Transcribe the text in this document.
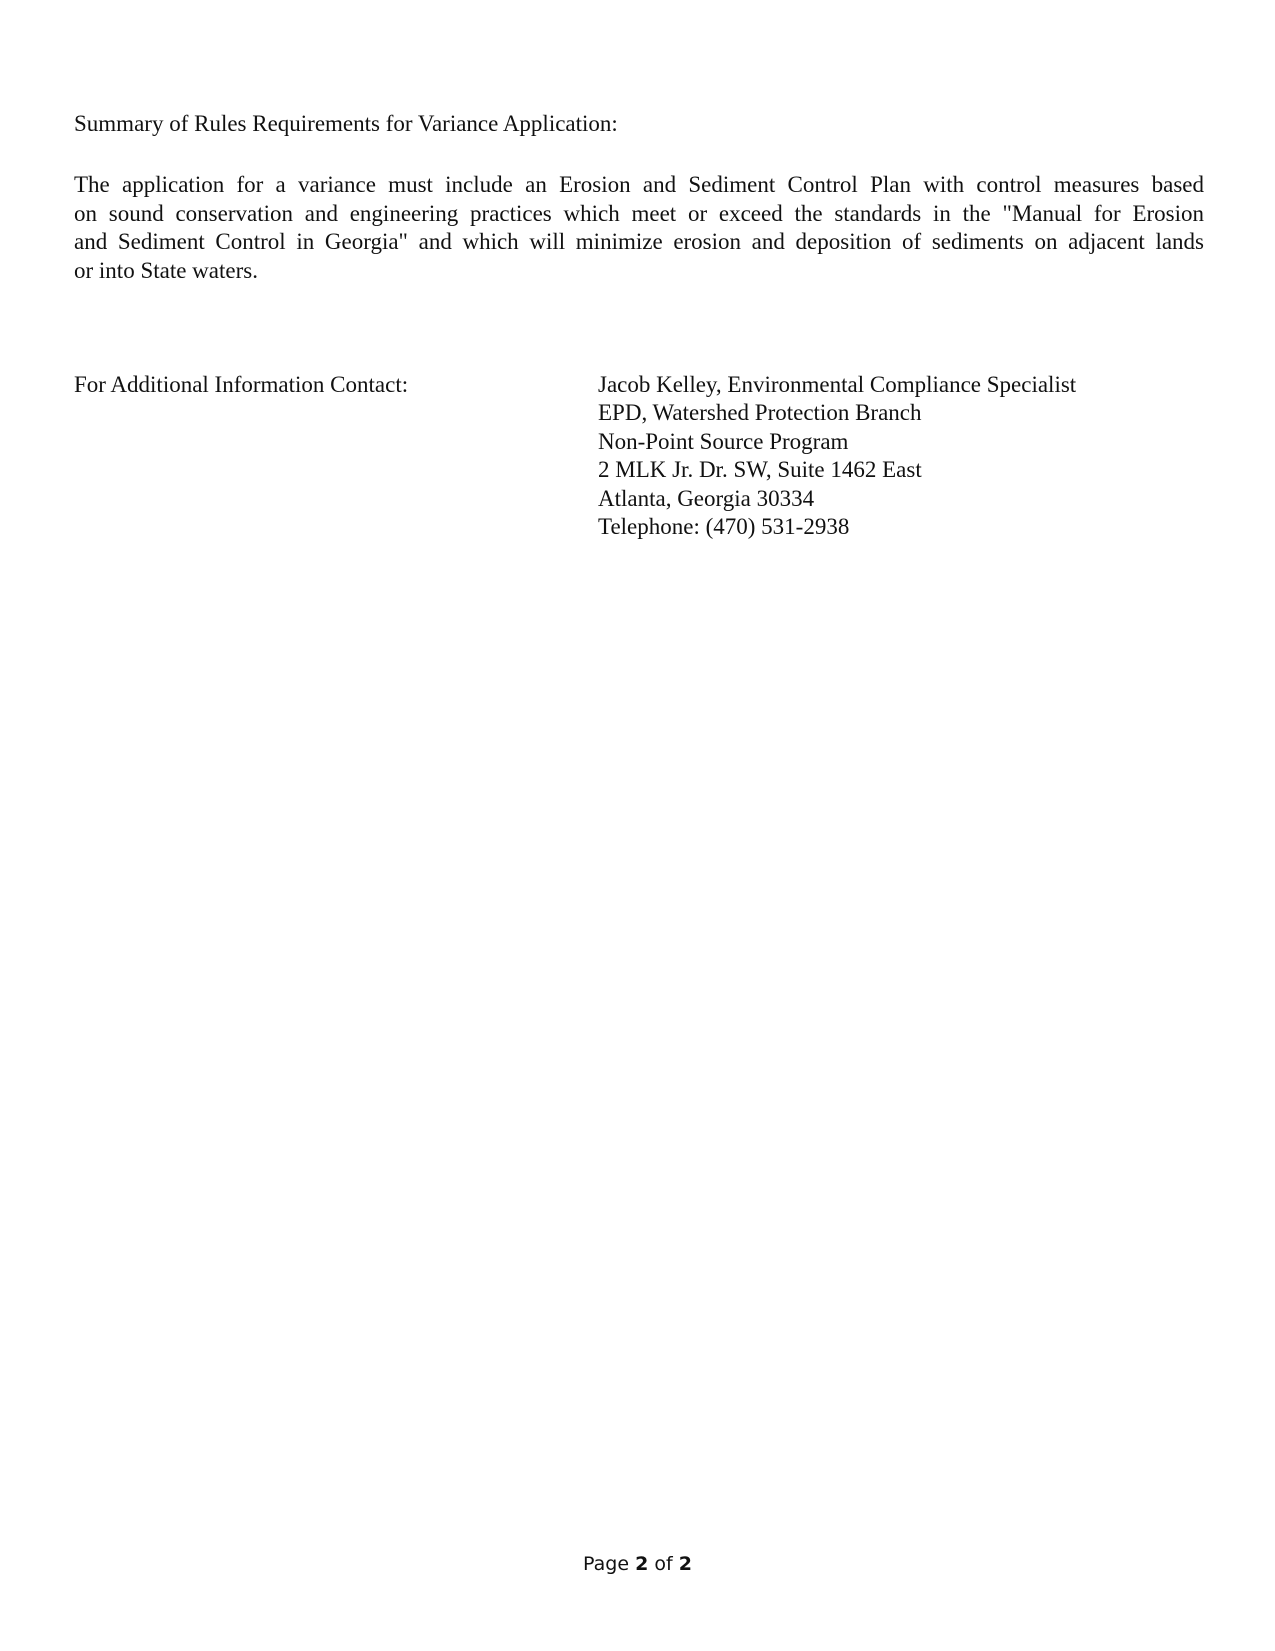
Summary of Rules Requirements for Variance Application:
The application for a variance must include an Erosion and Sediment Control Plan with control measures based
on sound conservation and engineering practices which meet or exceed the standards in the "Manual for Erosion
and Sediment Control in Georgia" and which will minimize erosion and deposition of sediments on adjacent lands
or into State waters.
For Additional Information Contact:	Jacob Kelley, Environmental Compliance Specialist
EPD, Watershed Protection Branch
Non-Point Source Program
2 MLK Jr. Dr. SW, Suite 1462 East
Atlanta, Georgia 30334
Telephone: (470) 531-2938
Page 2 of 2
